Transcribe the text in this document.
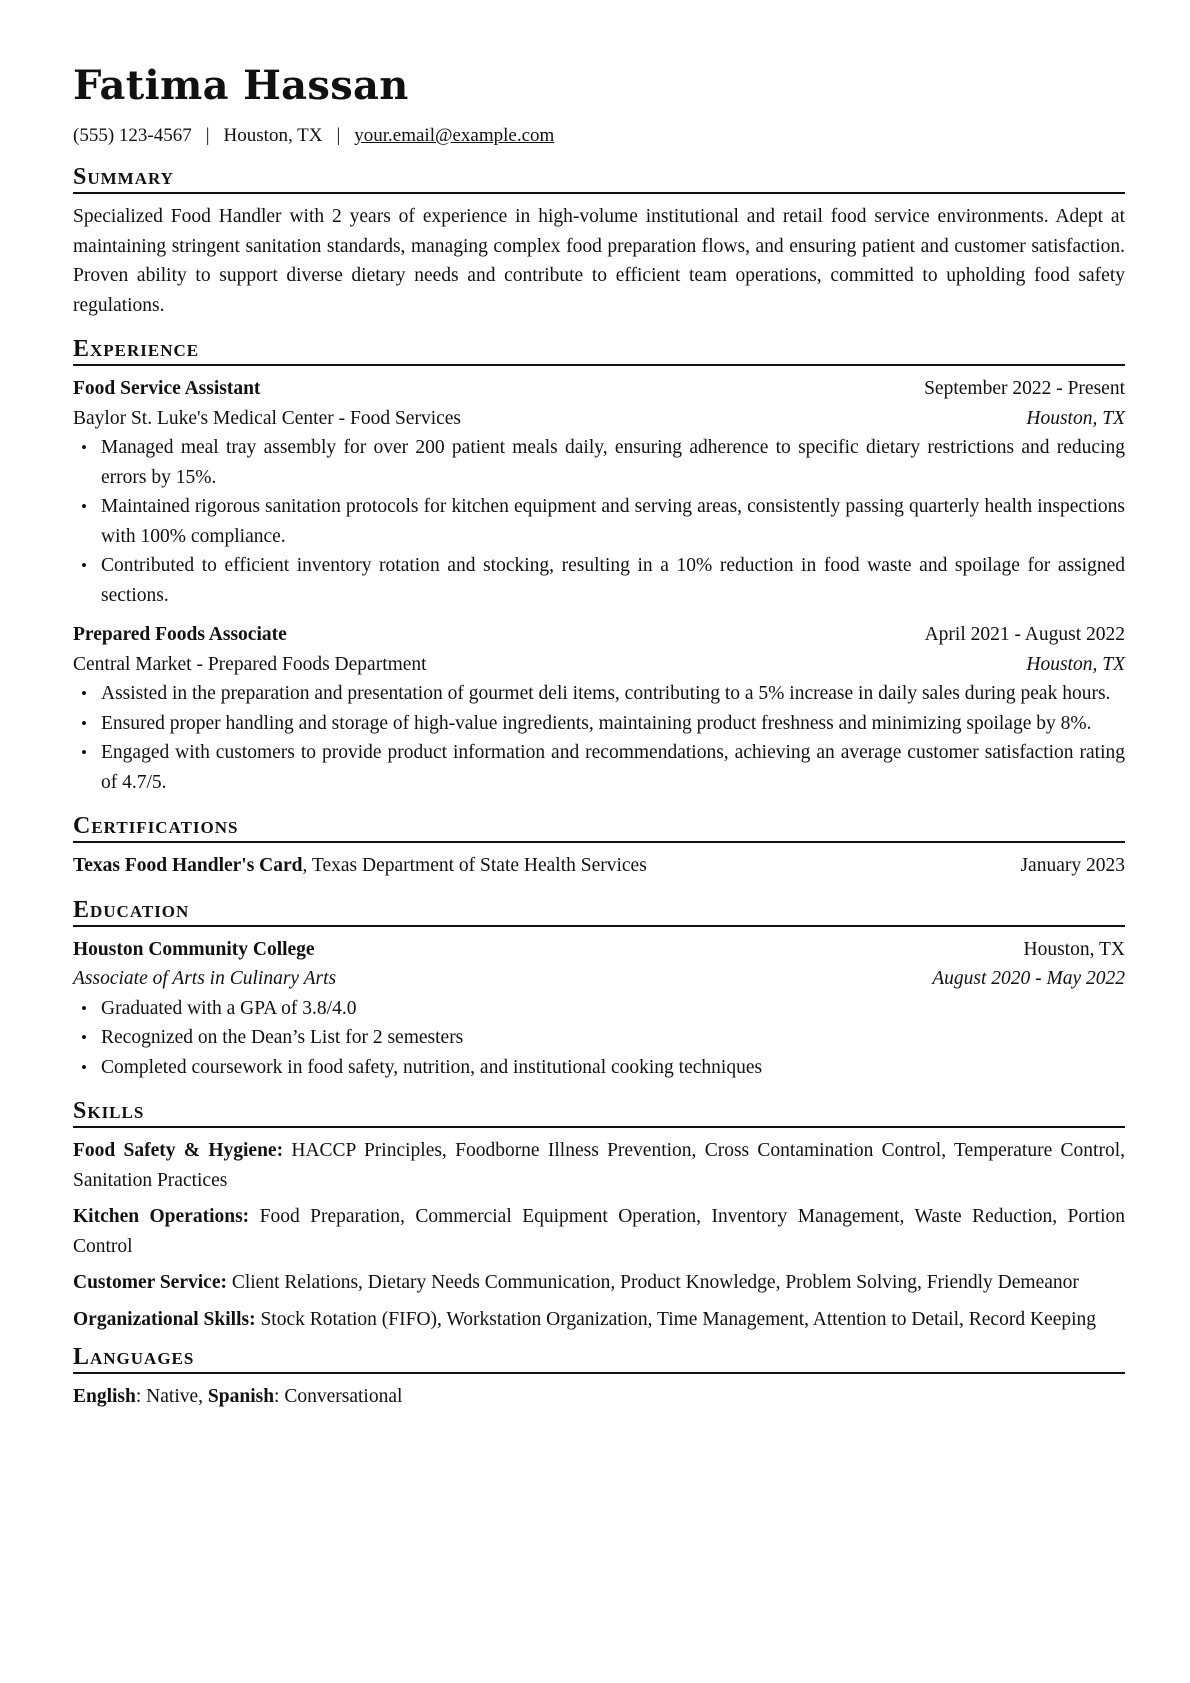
Fatima Hassan
(555) 123-4567 | Houston, TX | your.email@example.com
Summary
Specialized Food Handler with 2 years of experience in high-volume institutional and retail food service environments. Adept at maintaining stringent sanitation standards, managing complex food preparation flows, and ensuring patient and customer satisfaction. Proven ability to support diverse dietary needs and contribute to efficient team operations, committed to upholding food safety regulations.
Experience
Food Service Assistant	September 2022 - Present
Baylor St. Luke's Medical Center - Food Services	Houston, TX
• Managed meal tray assembly for over 200 patient meals daily, ensuring adherence to specific dietary restrictions and reducing errors by 15%.
• Maintained rigorous sanitation protocols for kitchen equipment and serving areas, consistently passing quarterly health inspections with 100% compliance.
• Contributed to efficient inventory rotation and stocking, resulting in a 10% reduction in food waste and spoilage for assigned sections.
Prepared Foods Associate	April 2021 - August 2022
Central Market - Prepared Foods Department	Houston, TX
• Assisted in the preparation and presentation of gourmet deli items, contributing to a 5% increase in daily sales during peak hours.
• Ensured proper handling and storage of high-value ingredients, maintaining product freshness and minimizing spoilage by 8%.
• Engaged with customers to provide product information and recommendations, achieving an average customer satisfaction rating of 4.7/5.
Certifications
Texas Food Handler's Card, Texas Department of State Health Services	January 2023
Education
Houston Community College	Houston, TX
Associate of Arts in Culinary Arts	August 2020 - May 2022
• Graduated with a GPA of 3.8/4.0
• Recognized on the Dean’s List for 2 semesters
• Completed coursework in food safety, nutrition, and institutional cooking techniques
Skills
Food Safety & Hygiene: HACCP Principles, Foodborne Illness Prevention, Cross Contamination Control, Temperature Control, Sanitation Practices
Kitchen Operations: Food Preparation, Commercial Equipment Operation, Inventory Management, Waste Reduction, Portion Control
Customer Service: Client Relations, Dietary Needs Communication, Product Knowledge, Problem Solving, Friendly Demeanor
Organizational Skills: Stock Rotation (FIFO), Workstation Organization, Time Management, Attention to Detail, Record Keeping
Languages
English: Native, Spanish: Conversational
